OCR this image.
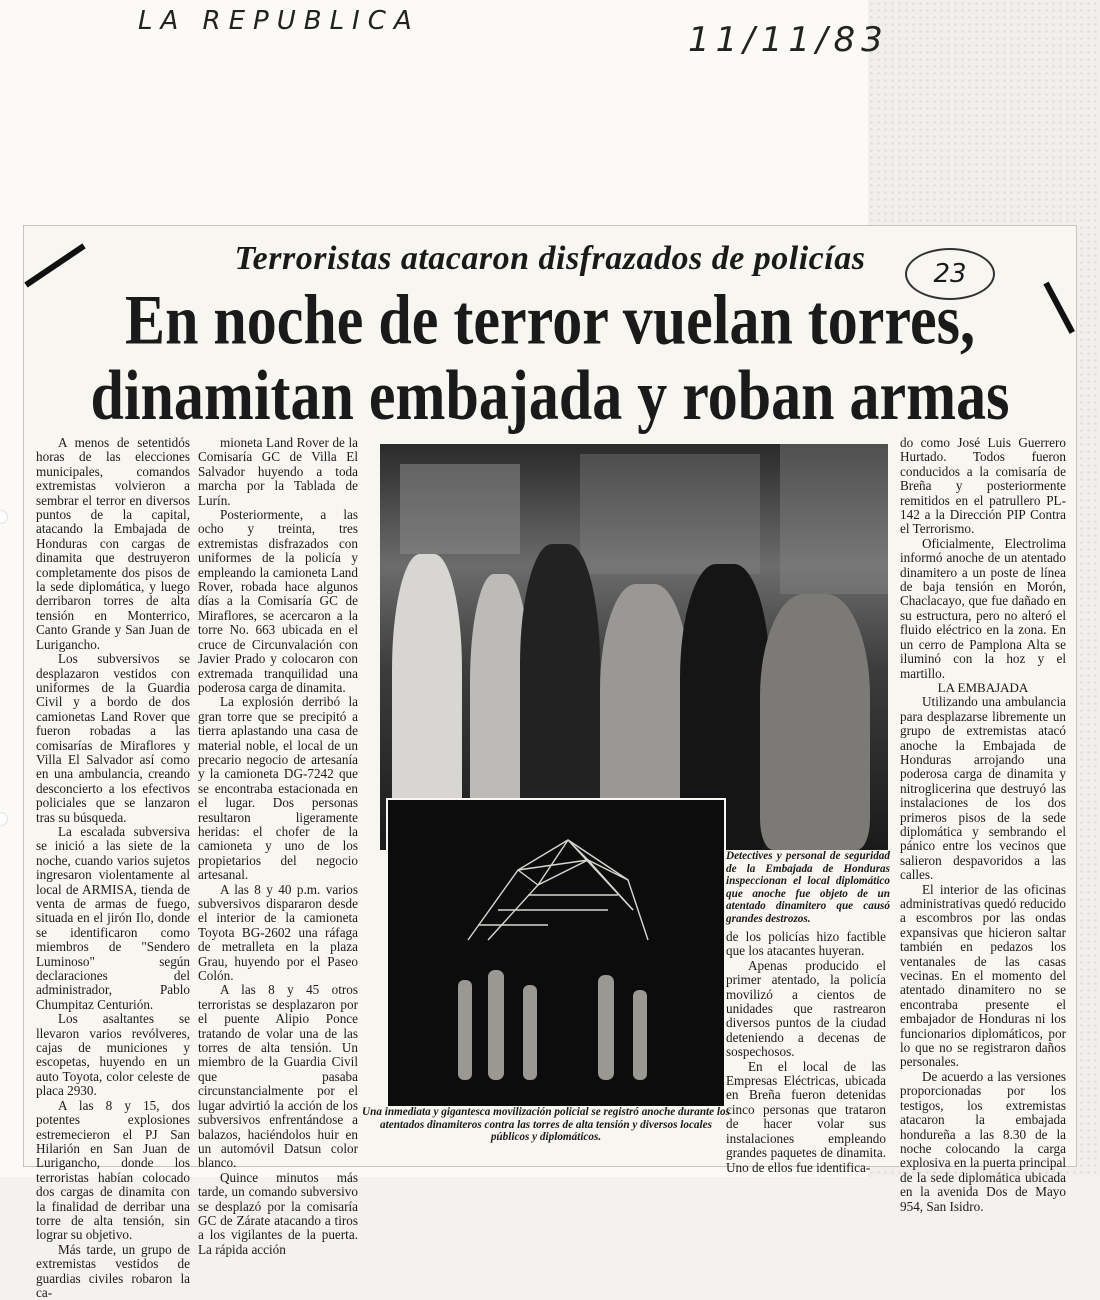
LA REPUBLICA	11/11/83
23
Terroristas atacaron disfrazados de policías
En noche de terror vuelan torres,
dinamitan embajada y roban armas

A menos de setentidós horas de las elecciones municipales, comandos extremistas volvieron a sembrar el terror en diversos puntos de la capital, atacando la Embajada de Honduras con cargas de dinamita que destruyeron completamente dos pisos de la sede diplomática, y luego derribaron torres de alta tensión en Monterrico, Canto Grande y San Juan de Lurigancho.

Los subversivos se desplazaron vestidos con uniformes de la Guardia Civil y a bordo de dos camionetas Land Rover que fueron robadas a las comisarías de Miraflores y Villa El Salvador así como en una ambulancia, creando desconcierto a los efectivos policiales que se lanzaron tras su búsqueda.

La escalada subversiva se inició a las siete de la noche, cuando varios sujetos ingresaron violentamente al local de ARMISA, tienda de venta de armas de fuego, situada en el jirón Ilo, donde se identificaron como miembros de "Sendero Luminoso" según declaraciones del administrador, Pablo Chumpitaz Centurión.

Los asaltantes se llevaron varios revólveres, cajas de municiones y escopetas, huyendo en un auto Toyota, color celeste de placa 2930.

A las 8 y 15, dos potentes explosiones estremecieron el PJ San Hilarión en San Juan de Lurigancho, donde los terroristas habían colocado dos cargas de dinamita con la finalidad de derribar una torre de alta tensión, sin lograr su objetivo.

Más tarde, un grupo de extremistas vestidos de guardias civiles robaron la ca-

mioneta Land Rover de la Comisaría GC de Villa El Salvador huyendo a toda marcha por la Tablada de Lurín.

Posteriormente, a las ocho y treinta, tres extremistas disfrazados con uniformes de la policía y empleando la camioneta Land Rover, robada hace algunos días a la Comisaría GC de Miraflores, se acercaron a la torre No. 663 ubicada en el cruce de Circunvalación con Javier Prado y colocaron con extremada tranquilidad una poderosa carga de dinamita.

La explosión derribó la gran torre que se precipitó a tierra aplastando una casa de material noble, el local de un precario negocio de artesanía y la camioneta DG-7242 que se encontraba estacionada en el lugar. Dos personas resultaron ligeramente heridas: el chofer de la camioneta y uno de los propietarios del negocio artesanal.

A las 8 y 40 p.m. varios subversivos dispararon desde el interior de la camioneta Toyota BG-2602 una ráfaga de metralleta en la plaza Grau, huyendo por el Paseo Colón.

A las 8 y 45 otros terroristas se desplazaron por el puente Alipio Ponce tratando de volar una de las torres de alta tensión. Un miembro de la Guardia Civil que pasaba circunstancialmente por el lugar advirtió la acción de los subversivos enfrentándose a balazos, haciéndolos huir en un automóvil Datsun color blanco.

Quince minutos más tarde, un comando subversivo se desplazó por la comisaría GC de Zárate atacando a tiros a los vigilantes de la puerta. La rápida acción

Detectives y personal de seguridad de la Embajada de Honduras inspeccionan el local diplomático que anoche fue objeto de un atentado dinamitero que causó grandes destrozos.
Una inmediata y gigantesca movilización policial se registró anoche durante los atentados dinamiteros contra las torres de alta tensión y diversos locales públicos y diplomáticos.

de los policías hizo factible que los atacantes huyeran.

Apenas producido el primer atentado, la policía movilizó a cientos de unidades que rastrearon diversos puntos de la ciudad deteniendo a decenas de sospechosos.

En el local de las Empresas Eléctricas, ubicada en Breña fueron detenidas cinco personas que trataron de hacer volar sus instalaciones empleando grandes paquetes de dinamita. Uno de ellos fue identifica-

do como José Luis Guerrero Hurtado. Todos fueron conducidos a la comisaría de Breña y posteriormente remitidos en el patrullero PL-142 a la Dirección PIP Contra el Terrorismo.

Oficialmente, Electrolima informó anoche de un atentado dinamitero a un poste de línea de baja tensión en Morón, Chaclacayo, que fue dañado en su estructura, pero no alteró el fluido eléctrico en la zona. En un cerro de Pamplona Alta se iluminó con la hoz y el martillo.

LA EMBAJADA

Utilizando una ambulancia para desplazarse libremente un grupo de extremistas atacó anoche la Embajada de Honduras arrojando una poderosa carga de dinamita y nitroglicerina que destruyó las instalaciones de los dos primeros pisos de la sede diplomática y sembrando el pánico entre los vecinos que salieron despavoridos a las calles.

El interior de las oficinas administrativas quedó reducido a escombros por las ondas expansivas que hicieron saltar también en pedazos los ventanales de las casas vecinas. En el momento del atentado dinamitero no se encontraba presente el embajador de Honduras ni los funcionarios diplomáticos, por lo que no se registraron daños personales.

De acuerdo a las versiones proporcionadas por los testigos, los extremistas atacaron la embajada hondureña a las 8.30 de la noche colocando la carga explosiva en la puerta principal de la sede diplomática ubicada en la avenida Dos de Mayo 954, San Isidro.
